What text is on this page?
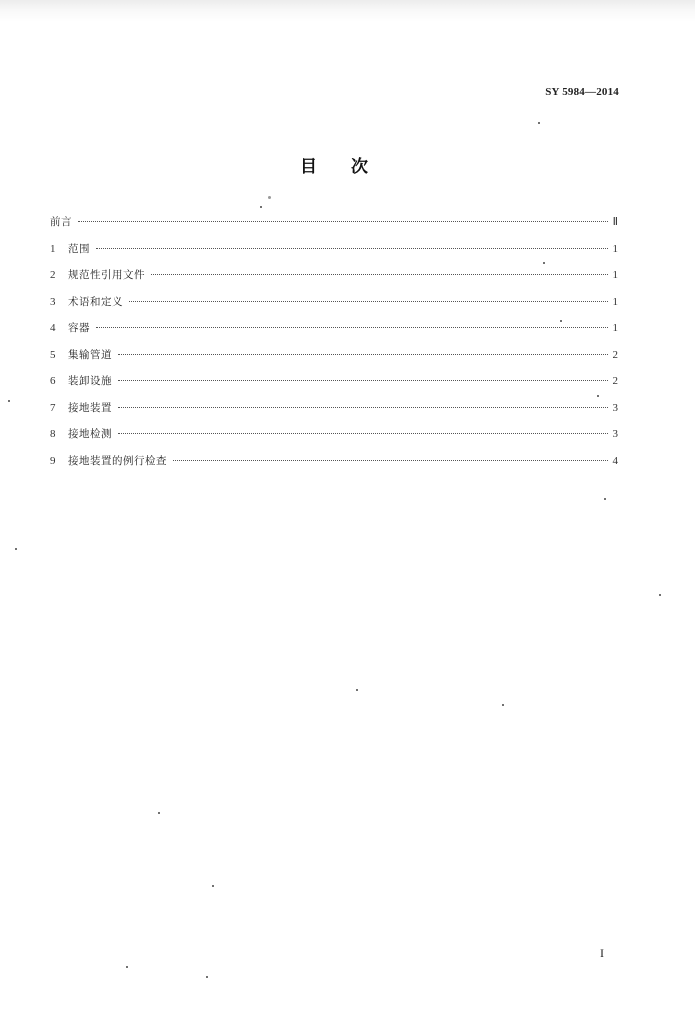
SY 5984—2014
目次
前言	Ⅱ
1	范围	1
2	规范性引用文件	1
3	术语和定义	1
4	容器	1
5	集输管道	2
6	装卸设施	2
7	接地装置	3
8	接地检测	3
9	接地装置的例行检查	4
I
